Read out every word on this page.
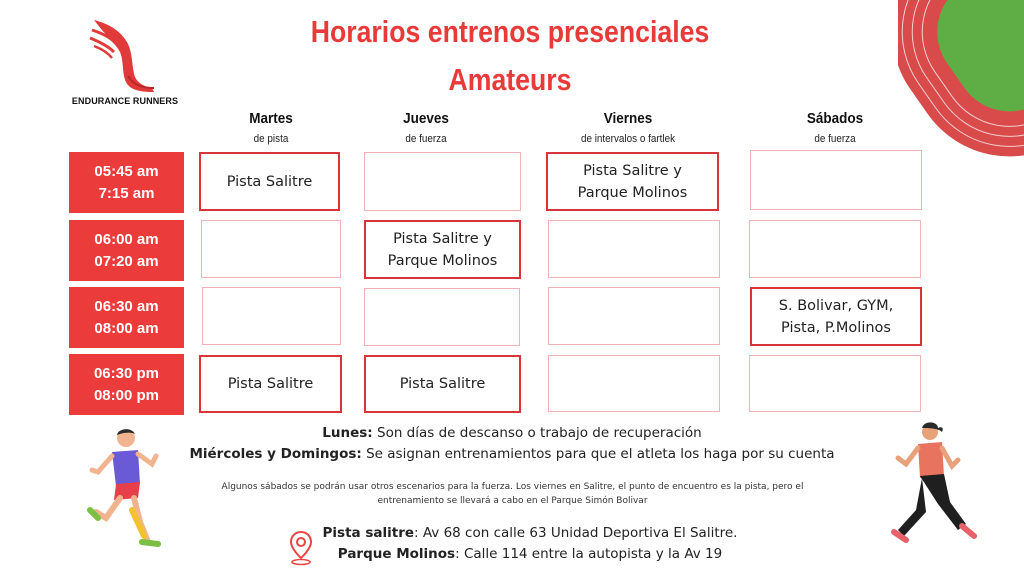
ENDURANCE RUNNERS
Horarios entrenos presenciales
Amateurs
Martes
de pista
Jueves
de fuerza
Viernes
de intervalos o fartlek
Sábados
de fuerza
05:45 am
7:15 am
06:00 am
07:20 am
06:30 am
08:00 am
06:30 pm
08:00 pm
Pista Salitre
Pista Salitre y
Parque Molinos
Pista Salitre y
Parque Molinos
S. Bolivar, GYM,
Pista, P.Molinos
Pista Salitre	Pista Salitre
Lunes: Son días de descanso o trabajo de recuperación
Miércoles y Domingos: Se asignan entrenamientos para que el atleta los haga por su cuenta
Algunos sábados se podrán usar otros escenarios para la fuerza. Los viernes en Salitre, el punto de encuentro es la pista, pero el
entrenamiento se llevará a cabo en el Parque Simón Bolivar
Pista salitre: Av 68 con calle 63 Unidad Deportiva El Salitre.
Parque Molinos: Calle 114 entre la autopista y la Av 19
